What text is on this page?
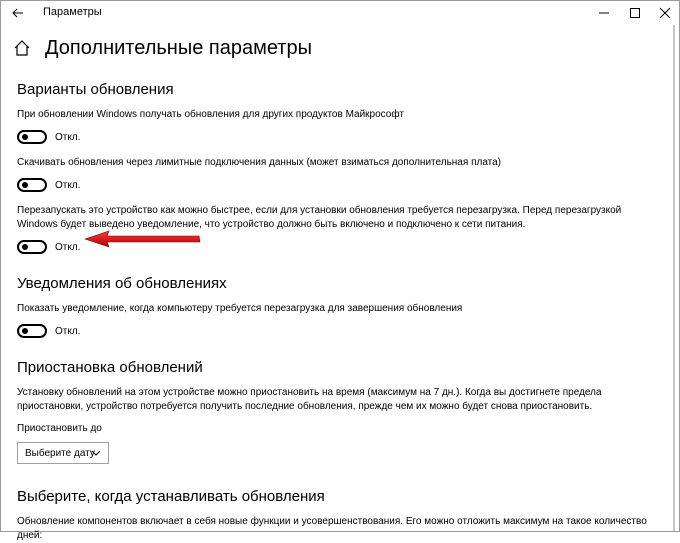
Параметры
Дополнительные параметры
Варианты обновления
При обновлении Windows получать обновления для других продуктов Майкрософт
Откл.
Скачивать обновления через лимитные подключения данных (может взиматься дополнительная плата)
Откл.
Перезапускать это устройство как можно быстрее, если для установки обновления требуется перезагрузка. Перед перезагрузкой Windows будет выведено уведомление, что устройство должно быть включено и подключено к сети питания.
Откл.
Уведомления об обновлениях
Показать уведомление, когда компьютеру требуется перезагрузка для завершения обновления
Откл.
Приостановка обновлений
Установку обновлений на этом устройстве можно приостановить на время (максимум на 7 дн.). Когда вы достигнете предела приостановки, устройство потребуется получить последние обновления, прежде чем их можно будет снова приостановить.
Приостановить до
Выберите дату
Выберите, когда устанавливать обновления
Обновление компонентов включает в себя новые функции и усовершенствования. Его можно отложить максимум на такое количество дней:
